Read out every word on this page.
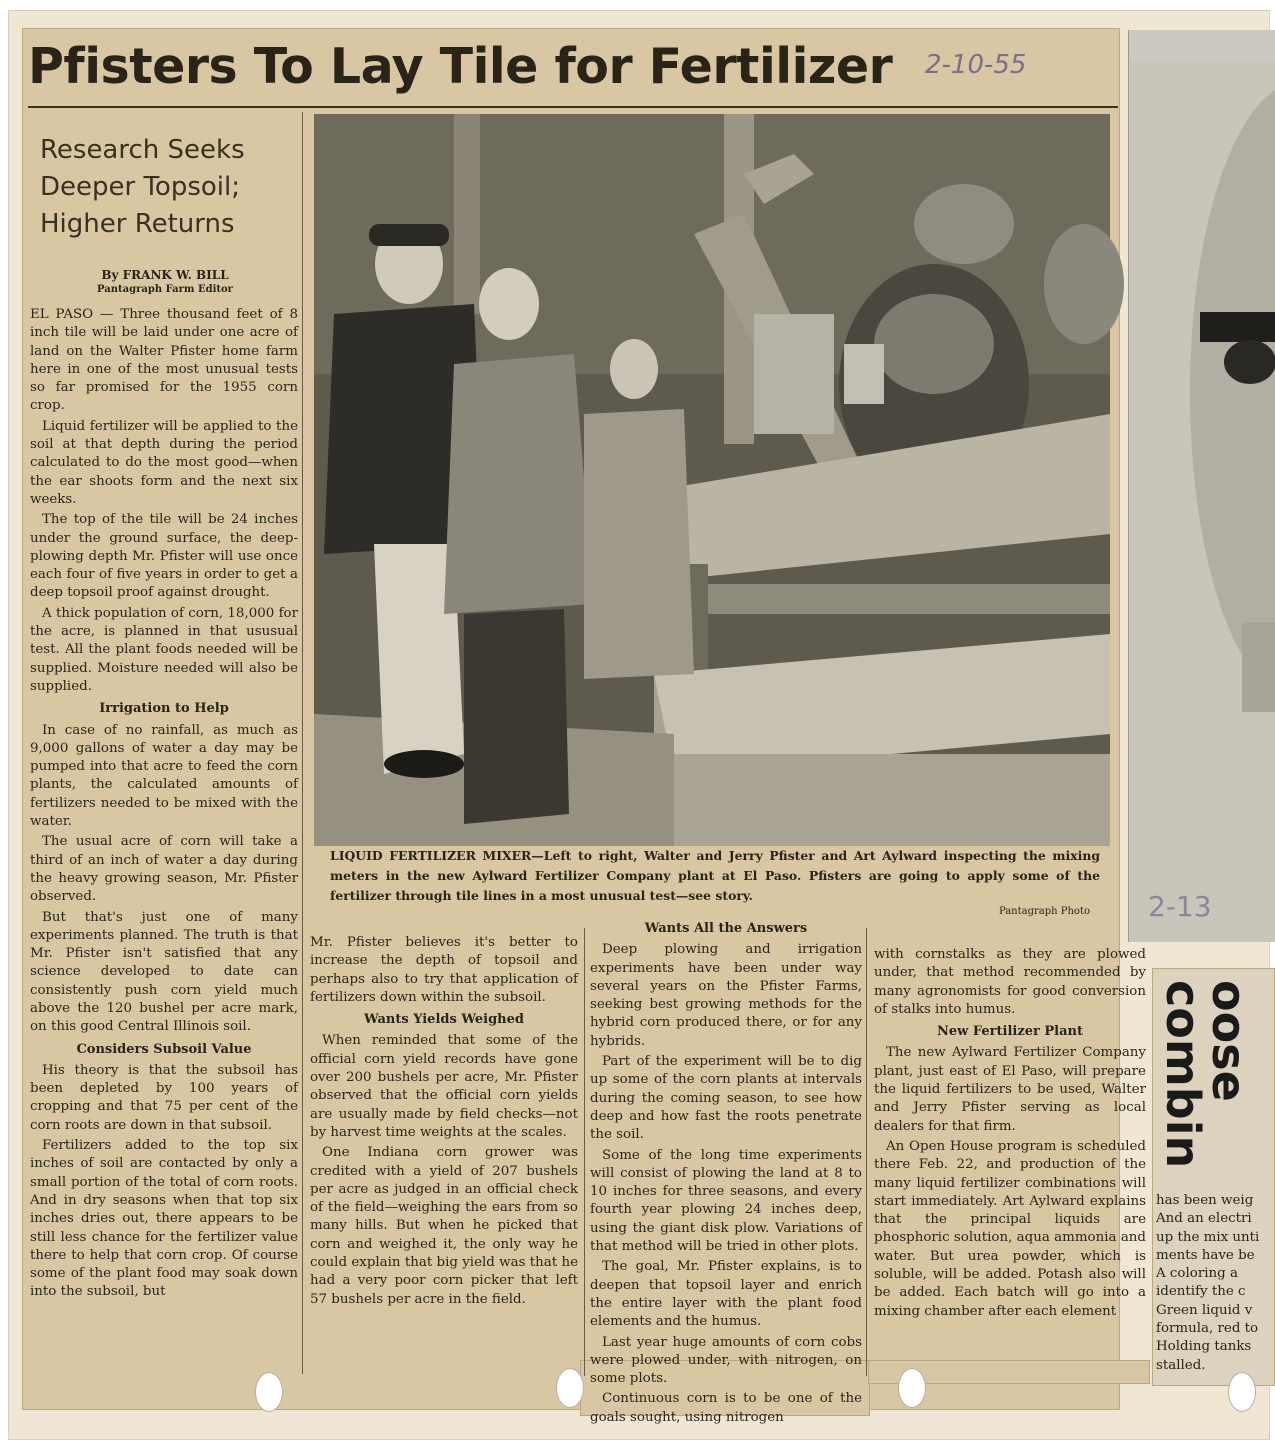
Pfisters To Lay Tile for Fertilizer	2-10-55
Research Seeks
Deeper Topsoil;
Higher Returns
By FRANK W. BILL
Pantagraph Farm Editor

EL PASO — Three thousand feet of 8 inch tile will be laid under one acre of land on the Walter Pfister home farm here in one of the most unusual tests so far promised for the 1955 corn crop.

Liquid fertilizer will be applied to the soil at that depth during the period calculated to do the most good—when the ear shoots form and the next six weeks.

The top of the tile will be 24 inches under the ground surface, the deep-plowing depth Mr. Pfister will use once each four of five years in order to get a deep topsoil proof against drought.

A thick population of corn, 18,000 for the acre, is planned in that ususual test. All the plant foods needed will be supplied. Moisture needed will also be supplied.

Irrigation to Help

In case of no rainfall, as much as 9,000 gallons of water a day may be pumped into that acre to feed the corn plants, the calculated amounts of fertilizers needed to be mixed with the water.

The usual acre of corn will take a third of an inch of water a day during the heavy growing season, Mr. Pfister observed.

But that's just one of many experiments planned. The truth is that Mr. Pfister isn't satisfied that any science developed to date can consistently push corn yield much above the 120 bushel per acre mark, on this good Central Illinois soil.

Considers Subsoil Value

His theory is that the subsoil has been depleted by 100 years of cropping and that 75 per cent of the corn roots are down in that subsoil.

Fertilizers added to the top six inches of soil are contacted by only a small portion of the total of corn roots. And in dry seasons when that top six inches dries out, there appears to be still less chance for the fertilizer value there to help that corn crop. Of course some of the plant food may soak down into the subsoil, but

LIQUID FERTILIZER MIXER—Left to right, Walter and Jerry Pfister and Art Aylward inspecting the mixing meters in the new Aylward Fertilizer Company plant at El Paso. Pfisters are going to apply some of the fertilizer through tile lines in a most unusual test—see story.
Pantagraph Photo

Mr. Pfister believes it's better to increase the depth of topsoil and perhaps also to try that application of fertilizers down within the subsoil.

Wants Yields Weighed

When reminded that some of the official corn yield records have gone over 200 bushels per acre, Mr. Pfister observed that the official corn yields are usually made by field checks—not by harvest time weights at the scales.

One Indiana corn grower was credited with a yield of 207 bushels per acre as judged in an official check of the field—weighing the ears from so many hills. But when he picked that corn and weighed it, the only way he could explain that big yield was that he had a very poor corn picker that left 57 bushels per acre in the field.

Wants All the Answers

Deep plowing and irrigation experiments have been under way several years on the Pfister Farms, seeking best growing methods for the hybrid corn produced there, or for any hybrids.

Part of the experiment will be to dig up some of the corn plants at intervals during the coming season, to see how deep and how fast the roots penetrate the soil.

Some of the long time experiments will consist of plowing the land at 8 to 10 inches for three seasons, and every fourth year plowing 24 inches deep, using the giant disk plow. Variations of that method will be tried in other plots.

The goal, Mr. Pfister explains, is to deepen that topsoil layer and enrich the entire layer with the plant food elements and the humus.

Last year huge amounts of corn cobs were plowed under, with nitrogen, on some plots.

Continuous corn is to be one of the goals sought, using nitrogen

with cornstalks as they are plowed under, that method recommended by many agronomists for good conversion of stalks into humus.

New Fertilizer Plant

The new Aylward Fertilizer Company plant, just east of El Paso, will prepare the liquid fertilizers to be used, Walter and Jerry Pfister serving as local dealers for that firm.

An Open House program is scheduled there Feb. 22, and production of the many liquid fertilizer combinations will start immediately. Art Aylward explains that the principal liquids are phosphoric solution, aqua ammonia and water. But urea powder, which is soluble, will be added. Potash also will be added. Each batch will go into a mixing chamber after each element

2-13
oose
combin

has been weig

And an electri

up the mix unti

ments have be

A coloring a

identify the c

Green liquid v

formula, red to

Holding tanks

stalled.
